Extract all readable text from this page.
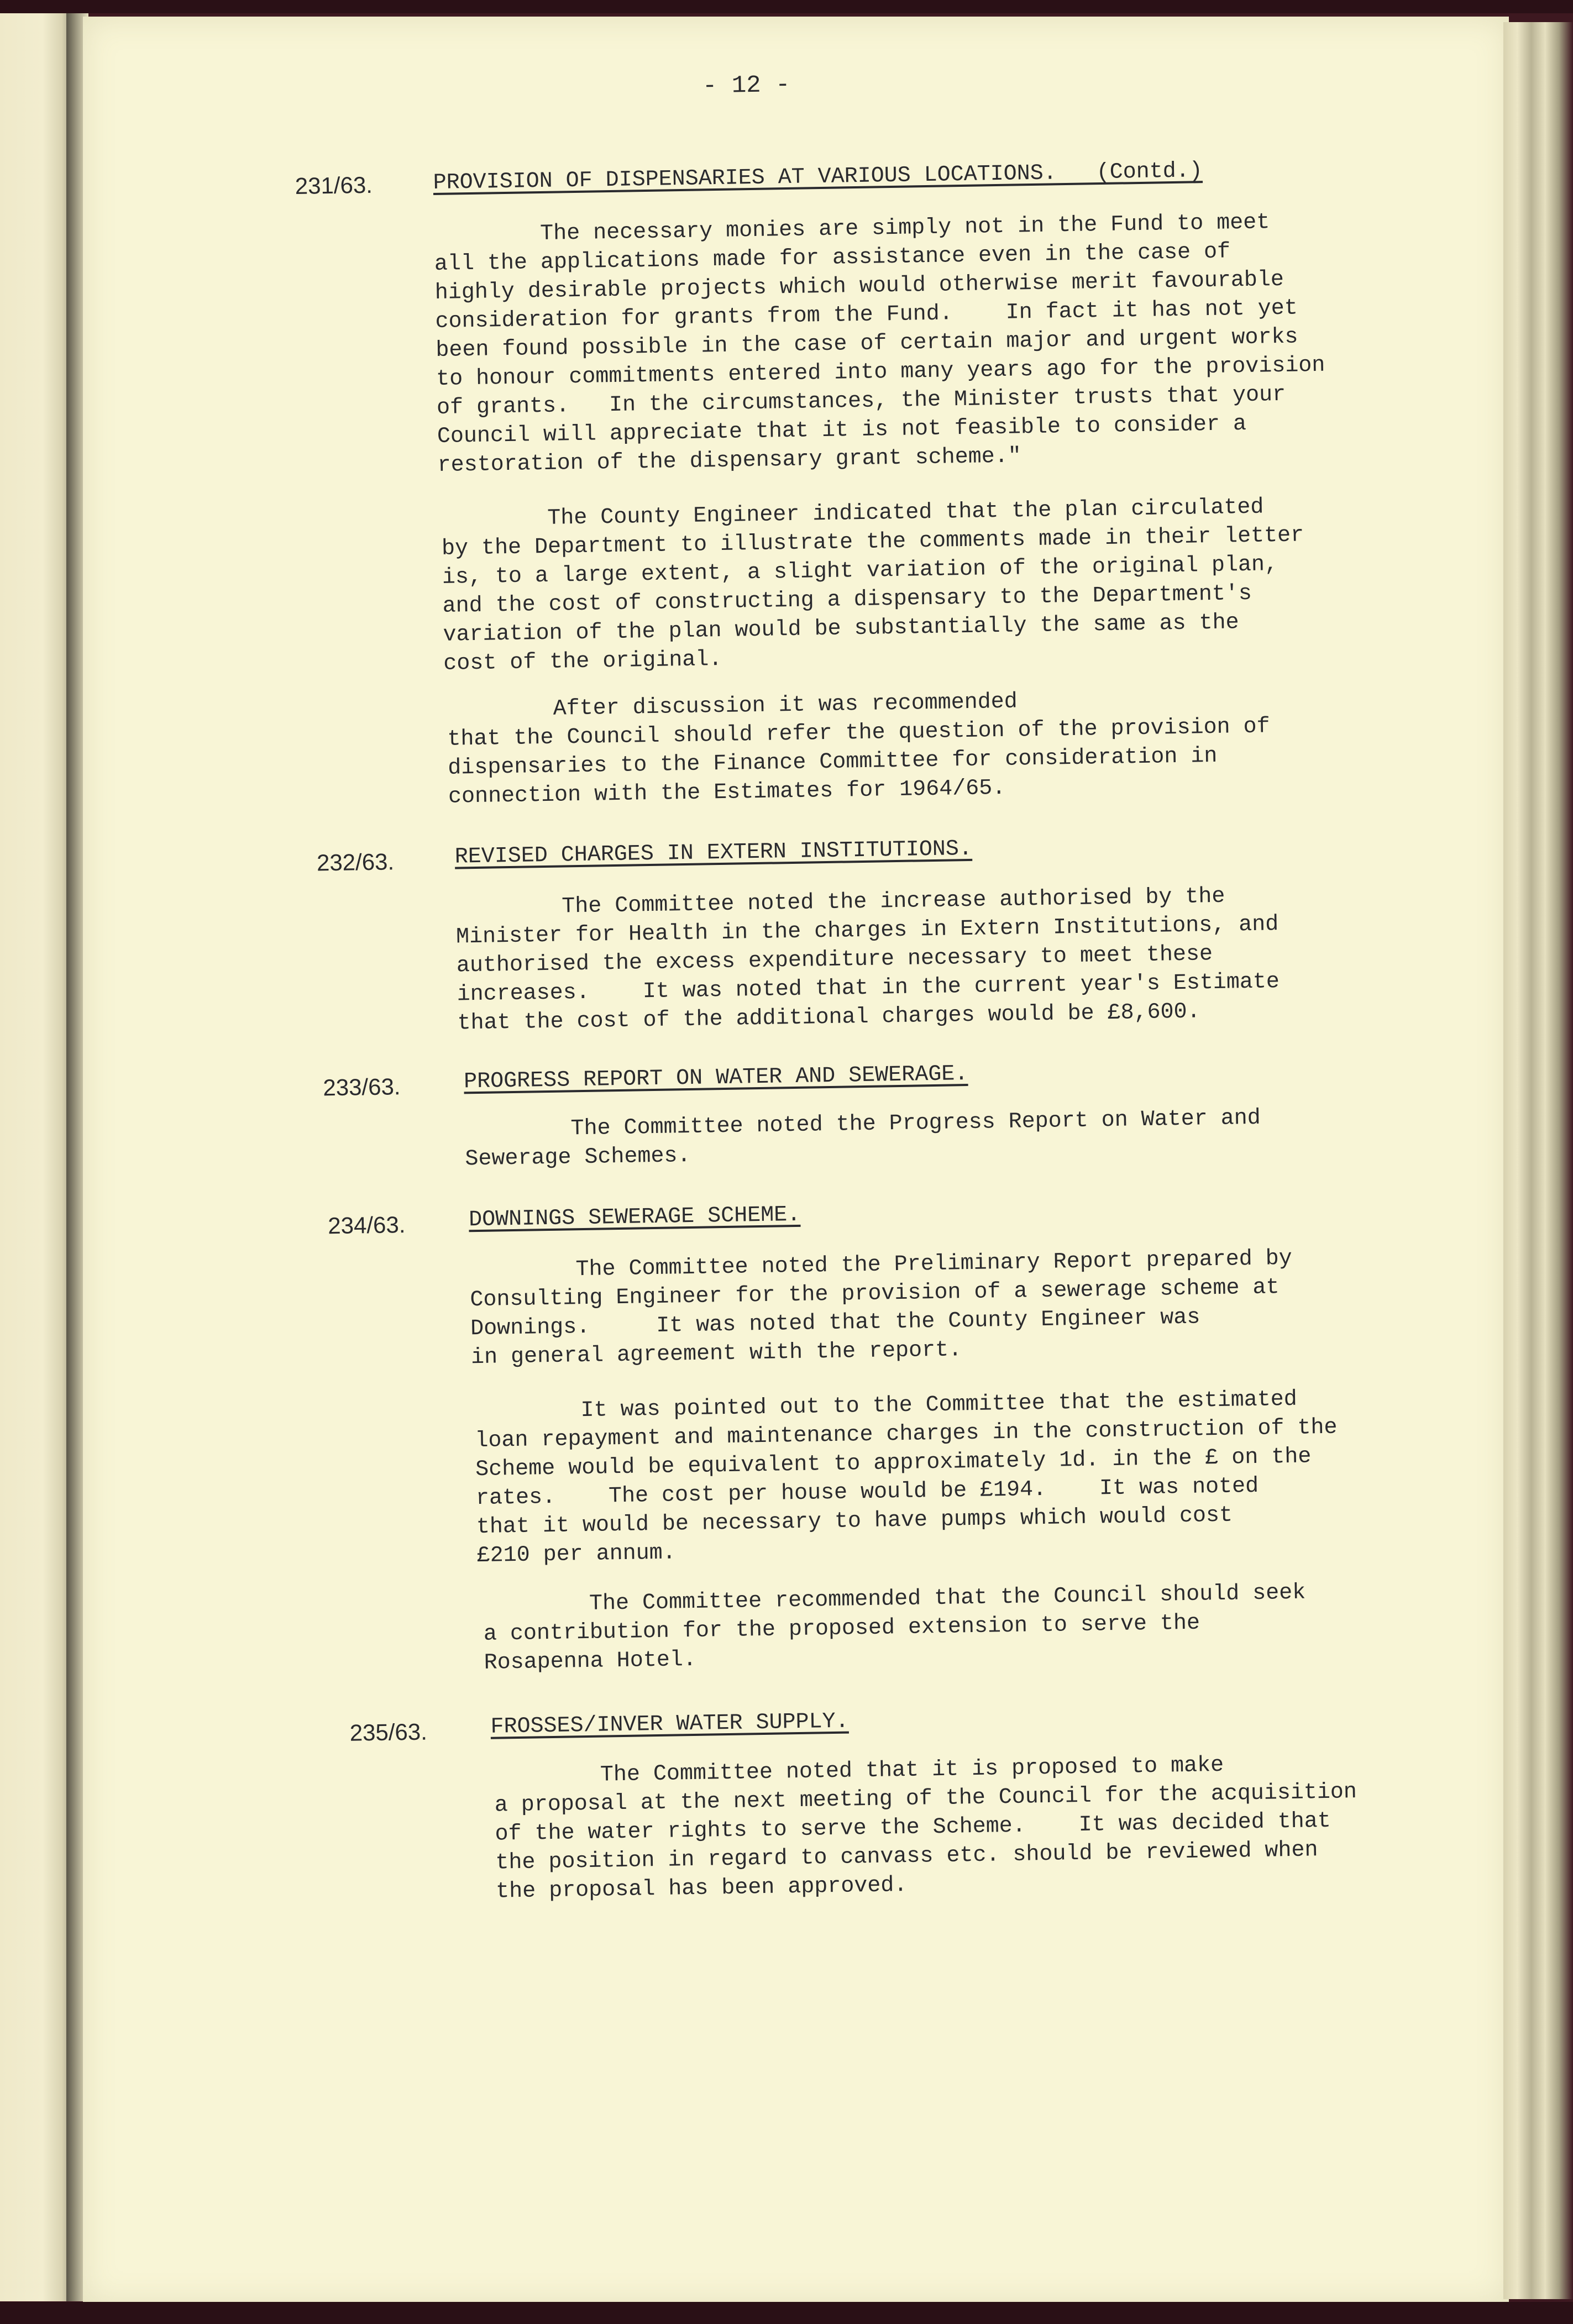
- 12 -
231/63.	PROVISION OF DISPENSARIES AT VARIOUS LOCATIONS.   (Contd.)
The necessary monies are simply not in the Fund to meet
all the applications made for assistance even in the case of
highly desirable projects which would otherwise merit favourable
consideration for grants from the Fund.    In fact it has not yet
been found possible in the case of certain major and urgent works
to honour commitments entered into many years ago for the provision
of grants.   In the circumstances, the Minister trusts that your
Council will appreciate that it is not feasible to consider a
restoration of the dispensary grant scheme."
The County Engineer indicated that the plan circulated
by the Department to illustrate the comments made in their letter
is, to a large extent, a slight variation of the original plan,
and the cost of constructing a dispensary to the Department's
variation of the plan would be substantially the same as the
cost of the original.
After discussion it was recommended
that the Council should refer the question of the provision of
dispensaries to the Finance Committee for consideration in
connection with the Estimates for 1964/65.
232/63.	REVISED CHARGES IN EXTERN INSTITUTIONS.
The Committee noted the increase authorised by the
Minister for Health in the charges in Extern Institutions, and
authorised the excess expenditure necessary to meet these
increases.    It was noted that in the current year's Estimate
that the cost of the additional charges would be £8,600.
233/63.	PROGRESS REPORT ON WATER AND SEWERAGE.
The Committee noted the Progress Report on Water and
Sewerage Schemes.
234/63.	DOWNINGS SEWERAGE SCHEME.
The Committee noted the Preliminary Report prepared by
Consulting Engineer for the provision of a sewerage scheme at
Downings.     It was noted that the County Engineer was
in general agreement with the report.
It was pointed out to the Committee that the estimated
loan repayment and maintenance charges in the construction of the
Scheme would be equivalent to approximately 1d. in the £ on the
rates.    The cost per house would be £194.    It was noted
that it would be necessary to have pumps which would cost
£210 per annum.
The Committee recommended that the Council should seek
a contribution for the proposed extension to serve the
Rosapenna Hotel.
235/63.	FROSSES/INVER WATER SUPPLY.
The Committee noted that it is proposed to make
a proposal at the next meeting of the Council for the acquisition
of the water rights to serve the Scheme.    It was decided that
the position in regard to canvass etc. should be reviewed when
the proposal has been approved.
